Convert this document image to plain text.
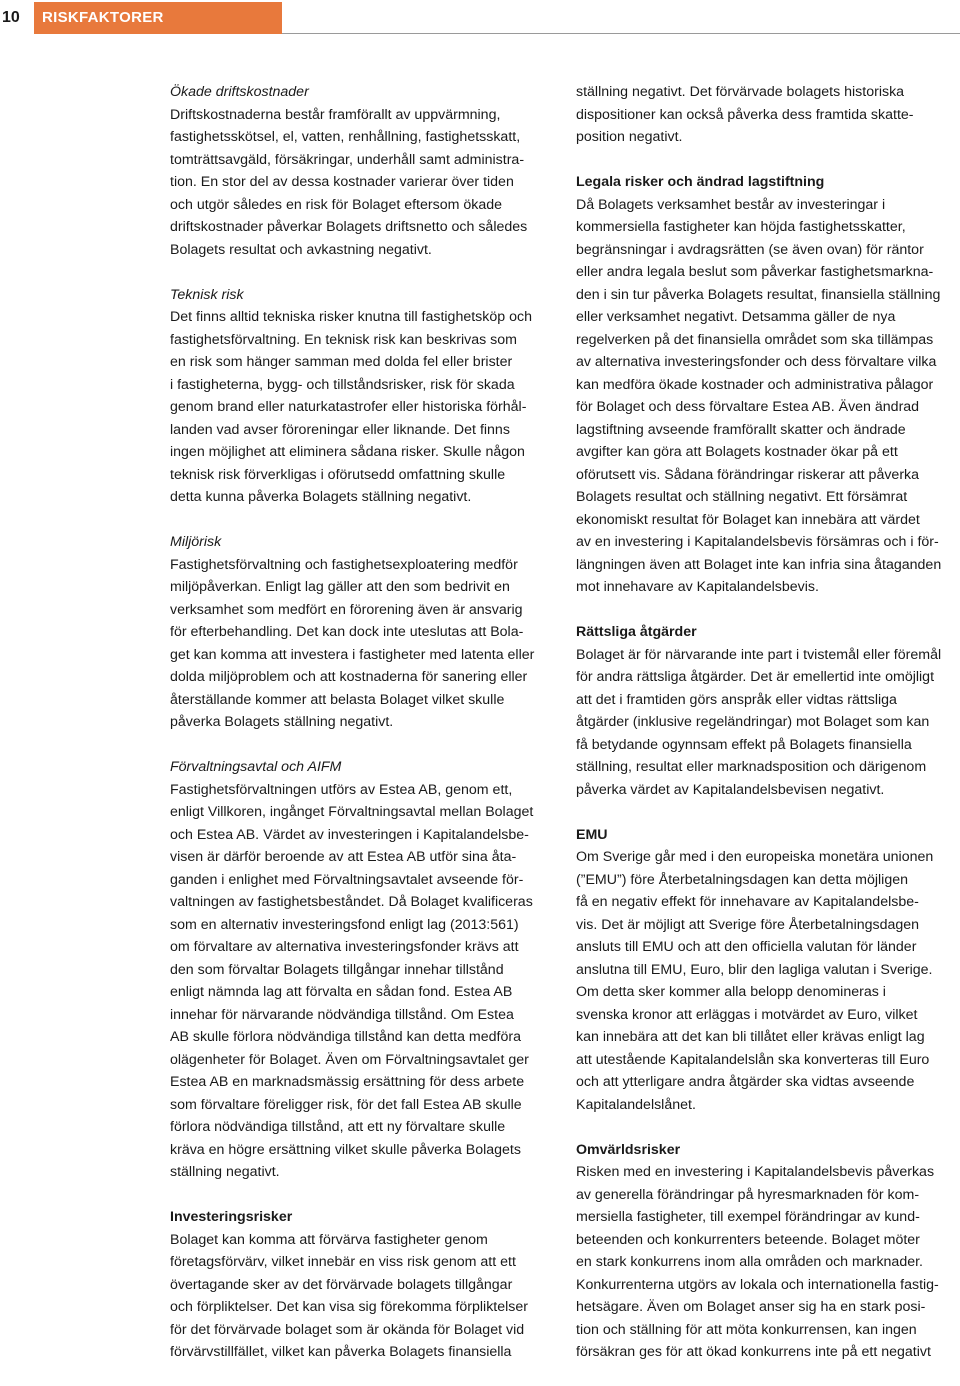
10	RISKFAKTORER
Ökade driftskostnader
Driftskostnaderna består framförallt av uppvärmning,
fastighetsskötsel, el, vatten, renhållning, fastighetsskatt,
tomträttsavgäld, försäkringar, underhåll samt administra-
tion. En stor del av dessa kostnader varierar över tiden
och utgör således en risk för Bolaget eftersom ökade
driftskostnader påverkar Bolagets driftsnetto och således
Bolagets resultat och avkastning negativt.
Teknisk risk
Det finns alltid tekniska risker knutna till fastighetsköp och
fastighetsförvaltning. En teknisk risk kan beskrivas som
en risk som hänger samman med dolda fel eller brister
i fastigheterna, bygg- och tillståndsrisker, risk för skada
genom brand eller naturkatastrofer eller historiska förhål-
landen vad avser föroreningar eller liknande. Det finns
ingen möjlighet att eliminera sådana risker. Skulle någon
teknisk risk förverkligas i oförutsedd omfattning skulle
detta kunna påverka Bolagets ställning negativt.
Miljörisk
Fastighetsförvaltning och fastighetsexploatering medför
miljöpåverkan. Enligt lag gäller att den som bedrivit en
verksamhet som medfört en förorening även är ansvarig
för efterbehandling. Det kan dock inte uteslutas att Bola-
get kan komma att investera i fastigheter med latenta eller
dolda miljöproblem och att kostnaderna för sanering eller
återställande kommer att belasta Bolaget vilket skulle
påverka Bolagets ställning negativt.
Förvaltningsavtal och AIFM
Fastighetsförvaltningen utförs av Estea AB, genom ett,
enligt Villkoren, ingånget Förvaltningsavtal mellan Bolaget
och Estea AB. Värdet av investeringen i Kapitalandelsbe-
visen är därför beroende av att Estea AB utför sina åta-
ganden i enlighet med Förvaltningsavtalet avseende för-
valtningen av fastighetsbeståndet. Då Bolaget kvalificeras
som en alternativ investeringsfond enligt lag (2013:561)
om förvaltare av alternativa investeringsfonder krävs att
den som förvaltar Bolagets tillgångar innehar tillstånd
enligt nämnda lag att förvalta en sådan fond. Estea AB
innehar för närvarande nödvändiga tillstånd. Om Estea
AB skulle förlora nödvändiga tillstånd kan detta medföra
olägenheter för Bolaget. Även om Förvaltningsavtalet ger
Estea AB en marknadsmässig ersättning för dess arbete
som förvaltare föreligger risk, för det fall Estea AB skulle
förlora nödvändiga tillstånd, att ett ny förvaltare skulle
kräva en högre ersättning vilket skulle påverka Bolagets
ställning negativt.
Investeringsrisker
Bolaget kan komma att förvärva fastigheter genom
företagsförvärv, vilket innebär en viss risk genom att ett
övertagande sker av det förvärvade bolagets tillgångar
och förpliktelser. Det kan visa sig förekomma förpliktelser
för det förvärvade bolaget som är okända för Bolaget vid
förvärvstillfället, vilket kan påverka Bolagets finansiella
ställning negativt. Det förvärvade bolagets historiska
dispositioner kan också påverka dess framtida skatte-
position negativt.
Legala risker och ändrad lagstiftning
Då Bolagets verksamhet består av investeringar i
kommersiella fastigheter kan höjda fastighetsskatter,
begränsningar i avdragsrätten (se även ovan) för räntor
eller andra legala beslut som påverkar fastighetsmarkna-
den i sin tur påverka Bolagets resultat, finansiella ställning
eller verksamhet negativt. Detsamma gäller de nya
regelverken på det finansiella området som ska tillämpas
av alternativa investeringsfonder och dess förvaltare vilka
kan medföra ökade kostnader och administrativa pålagor
för Bolaget och dess förvaltare Estea AB. Även ändrad
lagstiftning avseende framförallt skatter och ändrade
avgifter kan göra att Bolagets kostnader ökar på ett
oförutsett vis. Sådana förändringar riskerar att påverka
Bolagets resultat och ställning negativt. Ett försämrat
ekonomiskt resultat för Bolaget kan innebära att värdet
av en investering i Kapitalandelsbevis försämras och i för-
längningen även att Bolaget inte kan infria sina åtaganden
mot innehavare av Kapitalandelsbevis.
Rättsliga åtgärder
Bolaget är för närvarande inte part i tvistemål eller föremål
för andra rättsliga åtgärder. Det är emellertid inte omöjligt
att det i framtiden görs anspråk eller vidtas rättsliga
åtgärder (inklusive regeländringar) mot Bolaget som kan
få betydande ogynnsam effekt på Bolagets finansiella
ställning, resultat eller marknadsposition och därigenom
påverka värdet av Kapitalandelsbevisen negativt.
EMU
Om Sverige går med i den europeiska monetära unionen
(”EMU”) före Återbetalningsdagen kan detta möjligen
få en negativ effekt för innehavare av Kapitalandelsbe-
vis. Det är möjligt att Sverige före Återbetalningsdagen
ansluts till EMU och att den officiella valutan för länder
anslutna till EMU, Euro, blir den lagliga valutan i Sverige.
Om detta sker kommer alla belopp denomineras i
svenska kronor att erläggas i motvärdet av Euro, vilket
kan innebära att det kan bli tillåtet eller krävas enligt lag
att utestående Kapitalandelslån ska konverteras till Euro
och att ytterligare andra åtgärder ska vidtas avseende
Kapitalandelslånet.
Omvärldsrisker
Risken med en investering i Kapitalandelsbevis påverkas
av generella förändringar på hyresmarknaden för kom-
mersiella fastigheter, till exempel förändringar av kund-
beteenden och konkurrenters beteende. Bolaget möter
en stark konkurrens inom alla områden och marknader.
Konkurrenterna utgörs av lokala och internationella fastig-
hetsägare. Även om Bolaget anser sig ha en stark posi-
tion och ställning för att möta konkurrensen, kan ingen
försäkran ges för att ökad konkurrens inte på ett negativt
